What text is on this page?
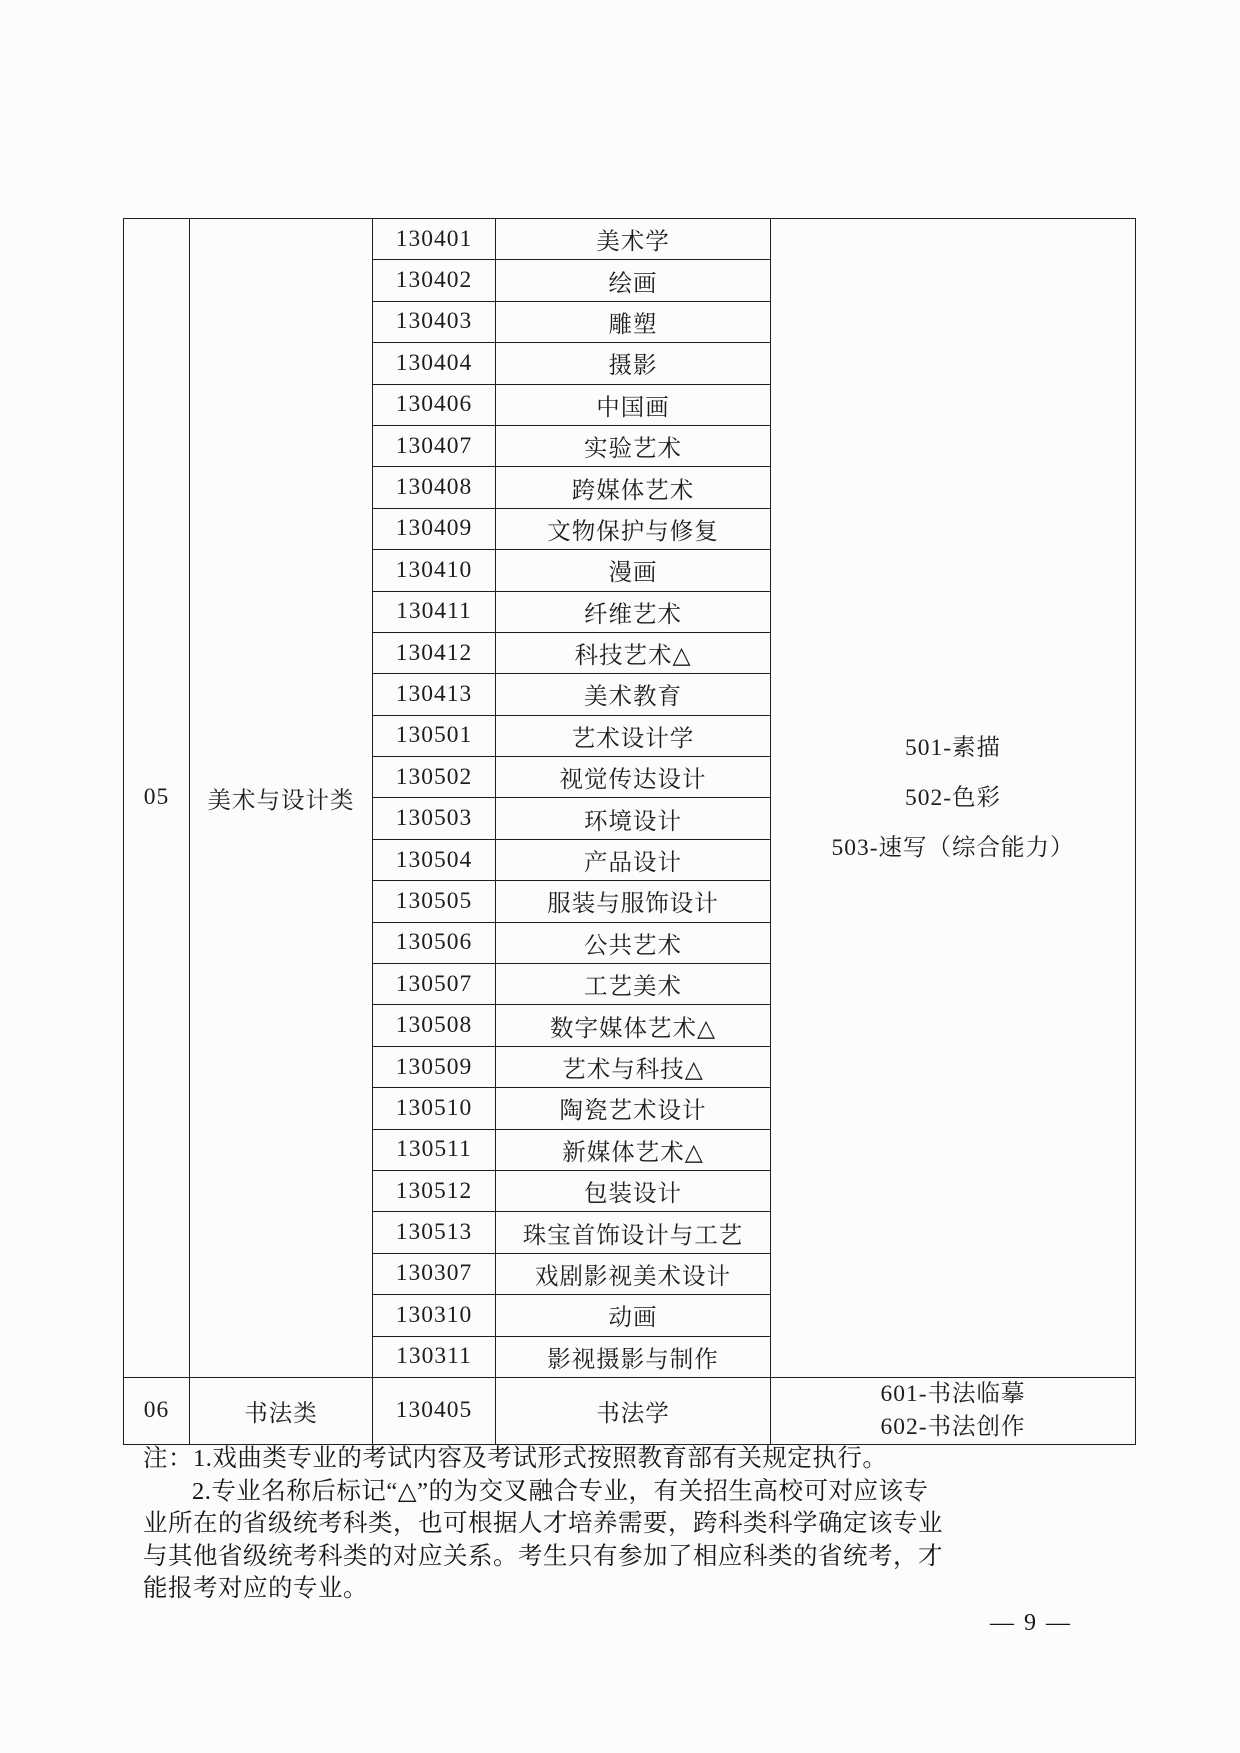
05	美术与设计类	130401	美术学	501-素描
502-色彩
503-速写（综合能力）

		130402	绘画	
		130403	雕塑	
		130404	摄影	
		130406	中国画	
		130407	实验艺术	
		130408	跨媒体艺术	
		130409	文物保护与修复	
		130410	漫画	
		130411	纤维艺术	
		130412	科技艺术△	
		130413	美术教育	
		130501	艺术设计学	
		130502	视觉传达设计	
		130503	环境设计	
		130504	产品设计	
		130505	服装与服饰设计	
		130506	公共艺术	
		130507	工艺美术	
		130508	数字媒体艺术△	
		130509	艺术与科技△	
		130510	陶瓷艺术设计	
		130511	新媒体艺术△	
		130512	包装设计	
		130513	珠宝首饰设计与工艺	
		130307	戏剧影视美术设计	
		130310	动画	
		130311	影视摄影与制作	
06	书法类	130405	书法学	601-书法临摹
602-书法创作
注：1.戏曲类专业的考试内容及考试形式按照教育部有关规定执行。
2.专业名称后标记“△”的为交叉融合专业，有关招生高校可对应该专
业所在的省级统考科类，也可根据人才培养需要，跨科类科学确定该专业
与其他省级统考科类的对应关系。考生只有参加了相应科类的省统考，才
能报考对应的专业。
— 9 —
